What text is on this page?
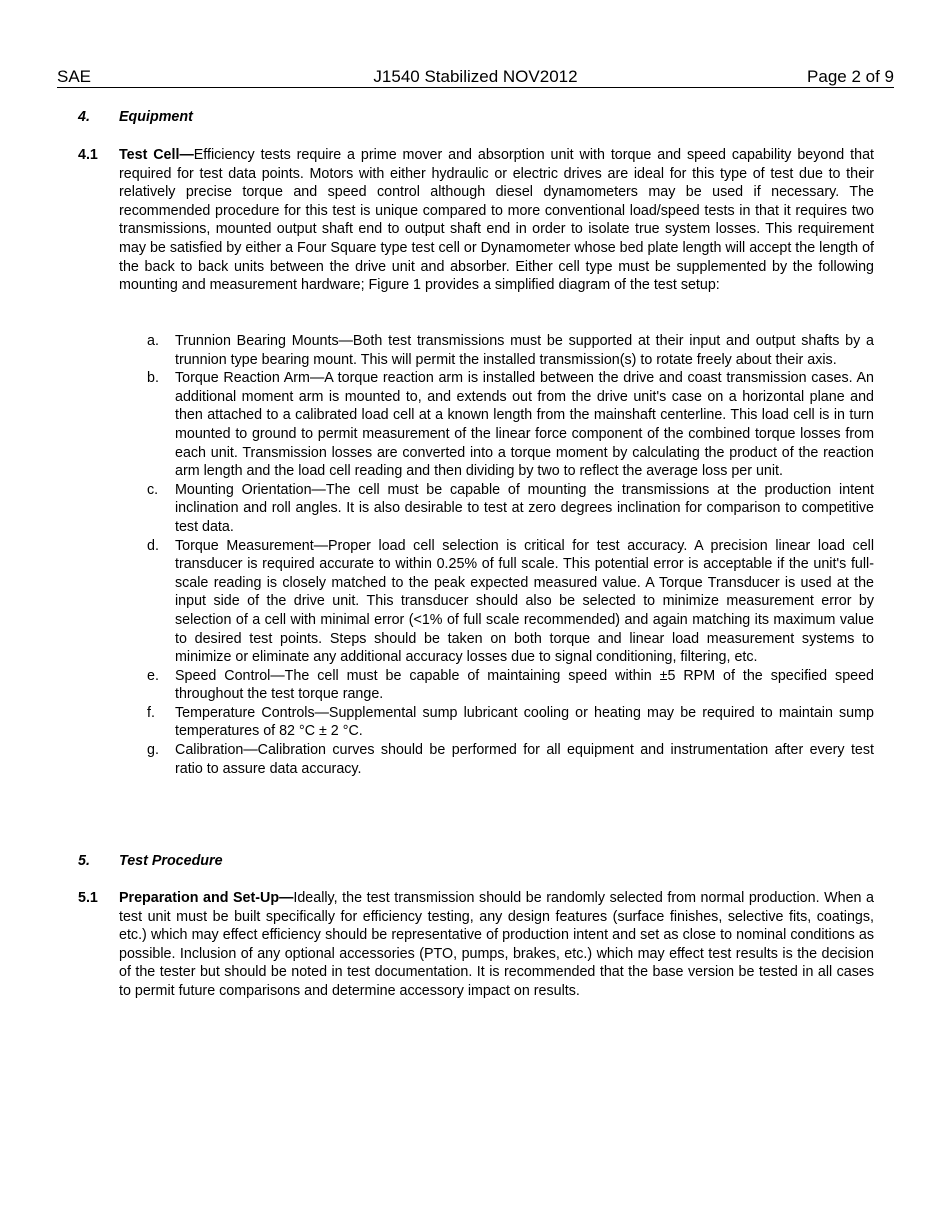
SAE	J1540 Stabilized NOV2012	Page 2 of 9
4. Equipment
4.1 Test Cell—Efficiency tests require a prime mover and absorption unit with torque and speed capability beyond that required for test data points. Motors with either hydraulic or electric drives are ideal for this type of test due to their relatively precise torque and speed control although diesel dynamometers may be used if necessary. The recommended procedure for this test is unique compared to more conventional load/speed tests in that it requires two transmissions, mounted output shaft end to output shaft end in order to isolate true system losses. This requirement may be satisfied by either a Four Square type test cell or Dynamometer whose bed plate length will accept the length of the back to back units between the drive unit and absorber. Either cell type must be supplemented by the following mounting and measurement hardware; Figure 1 provides a simplified diagram of the test setup:
a. Trunnion Bearing Mounts—Both test transmissions must be supported at their input and output shafts by a trunnion type bearing mount. This will permit the installed transmission(s) to rotate freely about their axis.
b. Torque Reaction Arm—A torque reaction arm is installed between the drive and coast transmission cases. An additional moment arm is mounted to, and extends out from the drive unit's case on a horizontal plane and then attached to a calibrated load cell at a known length from the mainshaft centerline. This load cell is in turn mounted to ground to permit measurement of the linear force component of the combined torque losses from each unit. Transmission losses are converted into a torque moment by calculating the product of the reaction arm length and the load cell reading and then dividing by two to reflect the average loss per unit.
c. Mounting Orientation—The cell must be capable of mounting the transmissions at the production intent inclination and roll angles. It is also desirable to test at zero degrees inclination for comparison to competitive test data.
d. Torque Measurement—Proper load cell selection is critical for test accuracy. A precision linear load cell transducer is required accurate to within 0.25% of full scale. This potential error is acceptable if the unit's full-scale reading is closely matched to the peak expected measured value. A Torque Transducer is used at the input side of the drive unit. This transducer should also be selected to minimize measurement error by selection of a cell with minimal error (<1% of full scale recommended) and again matching its maximum value to desired test points. Steps should be taken on both torque and linear load measurement systems to minimize or eliminate any additional accuracy losses due to signal conditioning, filtering, etc.
e. Speed Control—The cell must be capable of maintaining speed within ±5 RPM of the specified speed throughout the test torque range.
f. Temperature Controls—Supplemental sump lubricant cooling or heating may be required to maintain sump temperatures of 82 °C ± 2 °C.
g. Calibration—Calibration curves should be performed for all equipment and instrumentation after every test ratio to assure data accuracy.
5. Test Procedure
5.1 Preparation and Set-Up—Ideally, the test transmission should be randomly selected from normal production. When a test unit must be built specifically for efficiency testing, any design features (surface finishes, selective fits, coatings, etc.) which may effect efficiency should be representative of production intent and set as close to nominal conditions as possible. Inclusion of any optional accessories (PTO, pumps, brakes, etc.) which may effect test results is the decision of the tester but should be noted in test documentation. It is recommended that the base version be tested in all cases to permit future comparisons and determine accessory impact on results.
